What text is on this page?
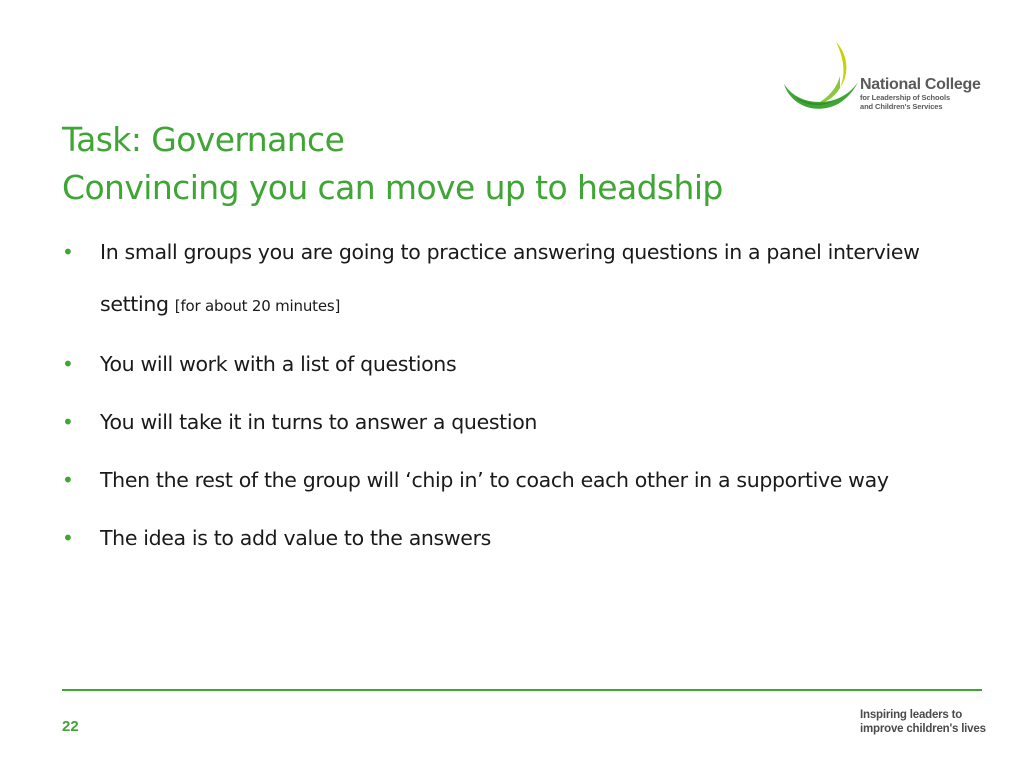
National College
for Leadership of Schools
and Children's Services
Task: Governance
Convincing you can move up to headship
• In small groups you are going to practice answering questions in a panel interview setting [for about 20 minutes]
• You will work with a list of questions
• You will take it in turns to answer a question
• Then the rest of the group will ‘chip in’ to coach each other in a supportive way
• The idea is to add value to the answers
22
Inspiring leaders to
improve children's lives
